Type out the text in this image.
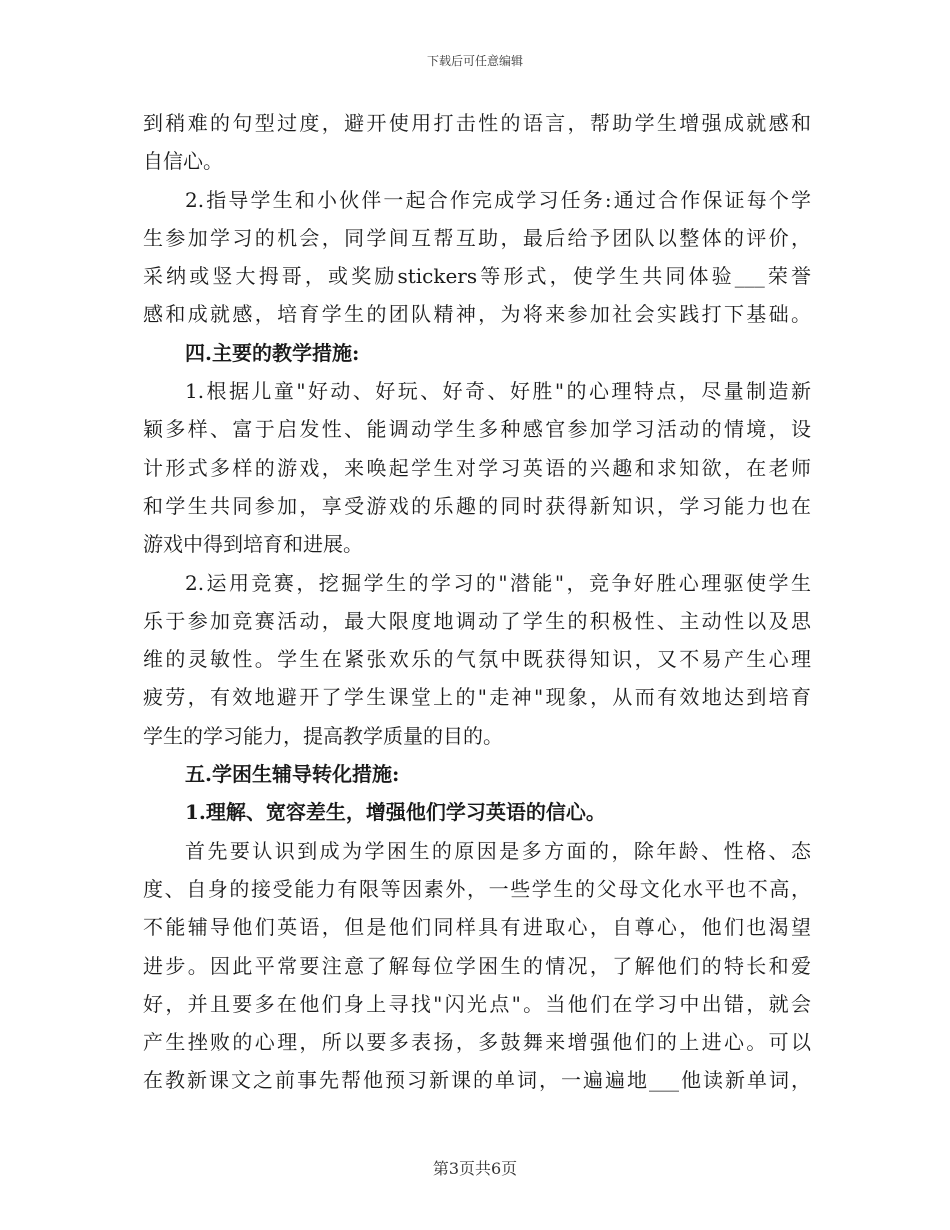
下载后可任意编辑
到稍难的句型过度，避开使用打击性的语言，帮助学生增强成就感和
自信心。
2.指导学生和小伙伴一起合作完成学习任务:通过合作保证每个学
生参加学习的机会，同学间互帮互助，最后给予团队以整体的评价，
采纳或竖大拇哥，或奖励stickers等形式，使学生共同体验___荣誉
感和成就感，培育学生的团队精神，为将来参加社会实践打下基础。
四.主要的教学措施:
1.根据儿童"好动、好玩、好奇、好胜"的心理特点，尽量制造新
颖多样、富于启发性、能调动学生多种感官参加学习活动的情境，设
计形式多样的游戏，来唤起学生对学习英语的兴趣和求知欲，在老师
和学生共同参加，享受游戏的乐趣的同时获得新知识，学习能力也在
游戏中得到培育和进展。
2.运用竞赛，挖掘学生的学习的"潜能"，竞争好胜心理驱使学生
乐于参加竞赛活动，最大限度地调动了学生的积极性、主动性以及思
维的灵敏性。学生在紧张欢乐的气氛中既获得知识，又不易产生心理
疲劳，有效地避开了学生课堂上的"走神"现象，从而有效地达到培育
学生的学习能力，提高教学质量的目的。
五.学困生辅导转化措施:
1.理解、宽容差生，增强他们学习英语的信心。
首先要认识到成为学困生的原因是多方面的，除年龄、性格、态
度、自身的接受能力有限等因素外，一些学生的父母文化水平也不高，
不能辅导他们英语，但是他们同样具有进取心，自尊心，他们也渴望
进步。因此平常要注意了解每位学困生的情况，了解他们的特长和爱
好，并且要多在他们身上寻找"闪光点"。当他们在学习中出错，就会
产生挫败的心理，所以要多表扬，多鼓舞来增强他们的上进心。可以
在教新课文之前事先帮他预习新课的单词，一遍遍地___他读新单词，
第3页共6页
